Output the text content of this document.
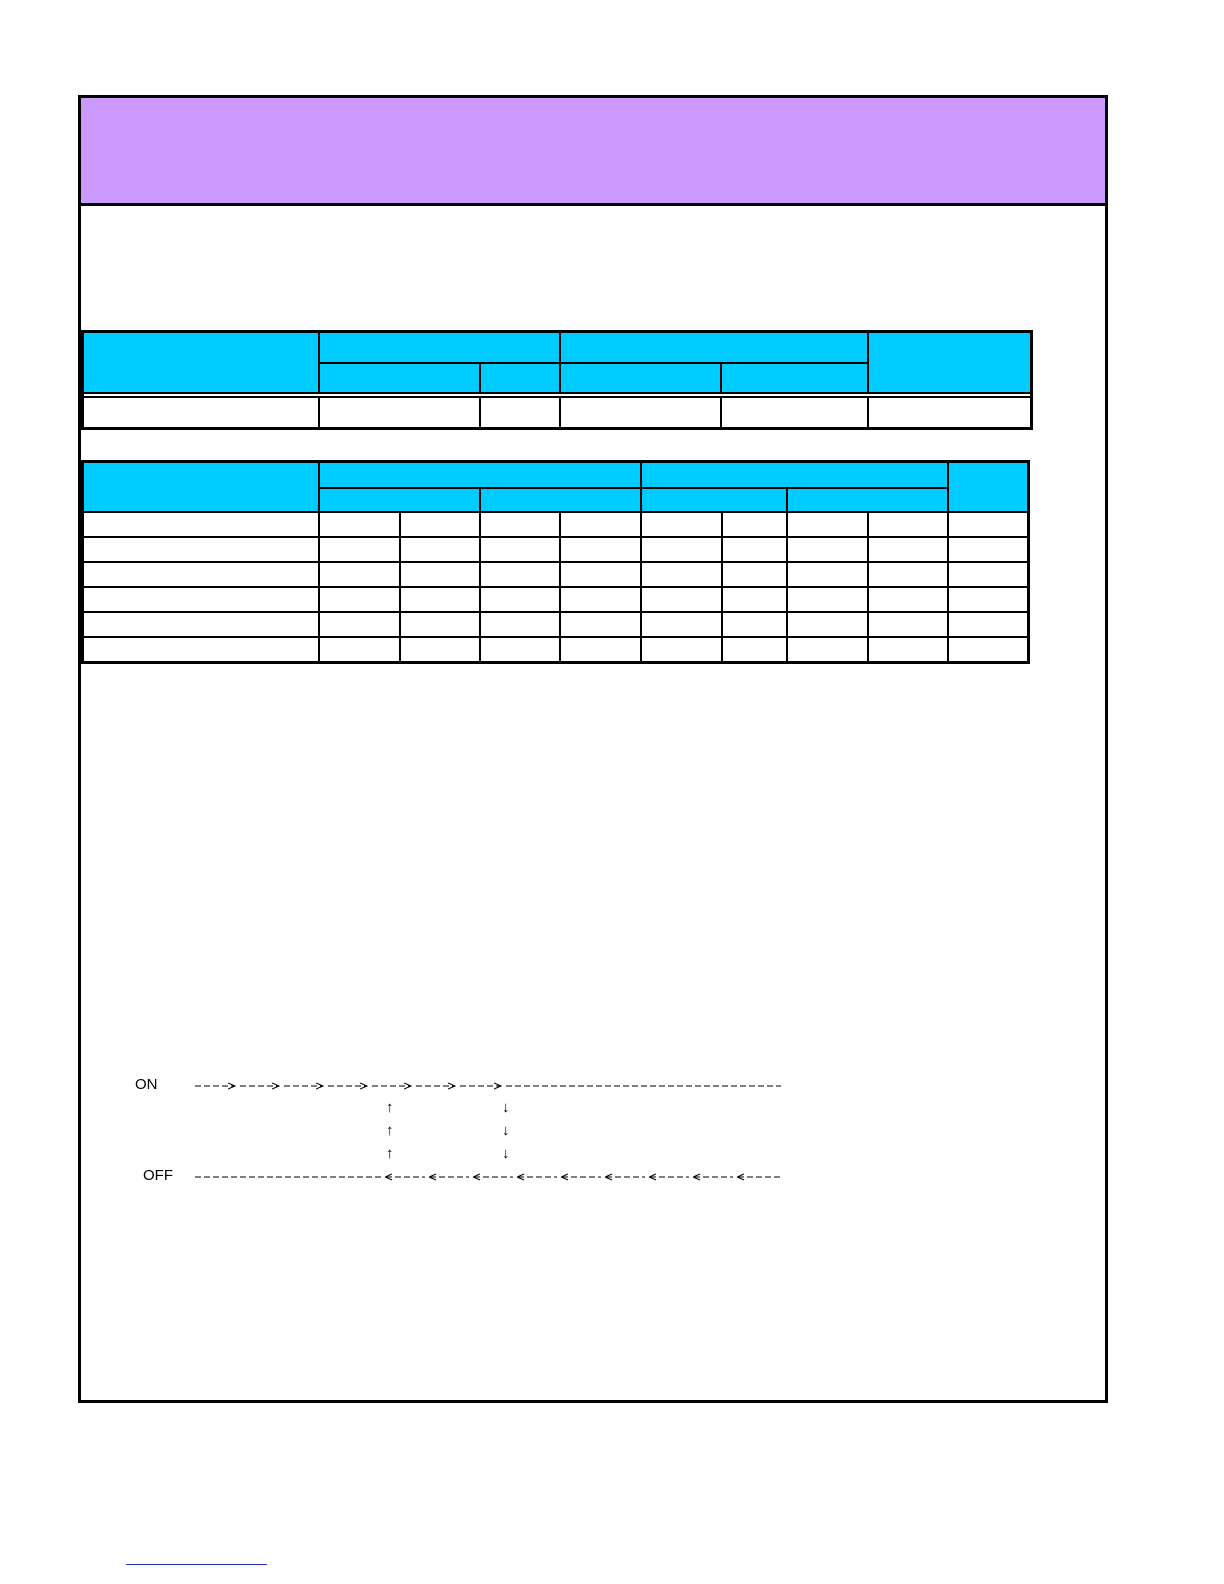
ON
OFF
↑
↑
↑
↓
↓
↓
